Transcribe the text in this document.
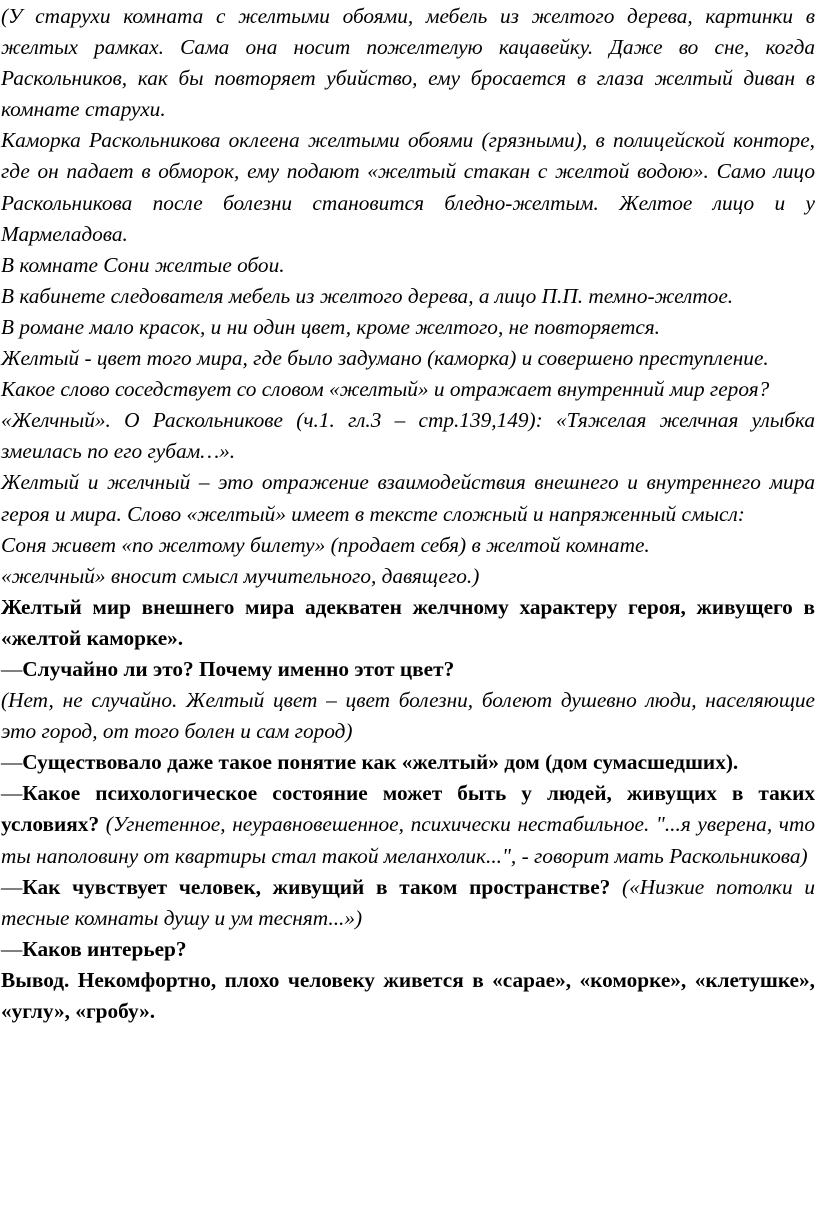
(У старухи комната с желтыми обоями, мебель из желтого дерева, картинки в желтых рамках. Сама она носит пожелтелую кацавейку. Даже во сне, когда Раскольников, как бы повторяет убийство, ему бросается в глаза желтый диван в комнате старухи.

Каморка Раскольникова оклеена желтыми обоями (грязными), в полицейской конторе, где он падает в обморок, ему подают «желтый стакан с желтой водою». Само лицо Раскольникова после болезни становится бледно-желтым. Желтое лицо и у Мармеладова.

В комнате Сони желтые обои.

В кабинете следователя мебель из желтого дерева, а лицо П.П. темно-желтое.

В романе мало красок, и ни один цвет, кроме желтого, не повторяется.

Желтый - цвет того мира, где было задумано (каморка) и совершено преступление.

Какое слово соседствует со словом «желтый» и отражает внутренний мир героя?

«Желчный». О Раскольникове (ч.1. гл.3 – стр.139,149): «Тяжелая желчная улыбка змеилась по его губам…».

Желтый и желчный – это отражение взаимодействия внешнего и внутреннего мира героя и мира. Слово «желтый» имеет в тексте сложный и напряженный смысл:

Соня живет «по желтому билету» (продает себя) в желтой комнате.

«желчный» вносит смысл мучительного, давящего.)

Желтый мир внешнего мира адекватен желчному характеру героя, живущего в «желтой каморке».

—Случайно ли это? Почему именно этот цвет?

(Нет, не случайно. Желтый цвет – цвет болезни, болеют душевно люди, населяющие это город, от того болен и сам город)

—Существовало даже такое понятие как «желтый» дом (дом сумасшедших).

—Какое психологическое состояние может быть у людей, живущих в таких условиях? (Угнетенное, неуравновешенное, психически нестабильное. "...я уверена, что ты наполовину от квартиры стал такой меланхолик...", - говорит мать Раскольникова)

—Как чувствует человек, живущий в таком пространстве? («Низкие потолки и тесные комнаты душу и ум теснят...»)

—Каков интерьер?

Вывод. Некомфортно, плохо человеку живется в «сарае», «коморке», «клетушке», «углу», «гробу».
